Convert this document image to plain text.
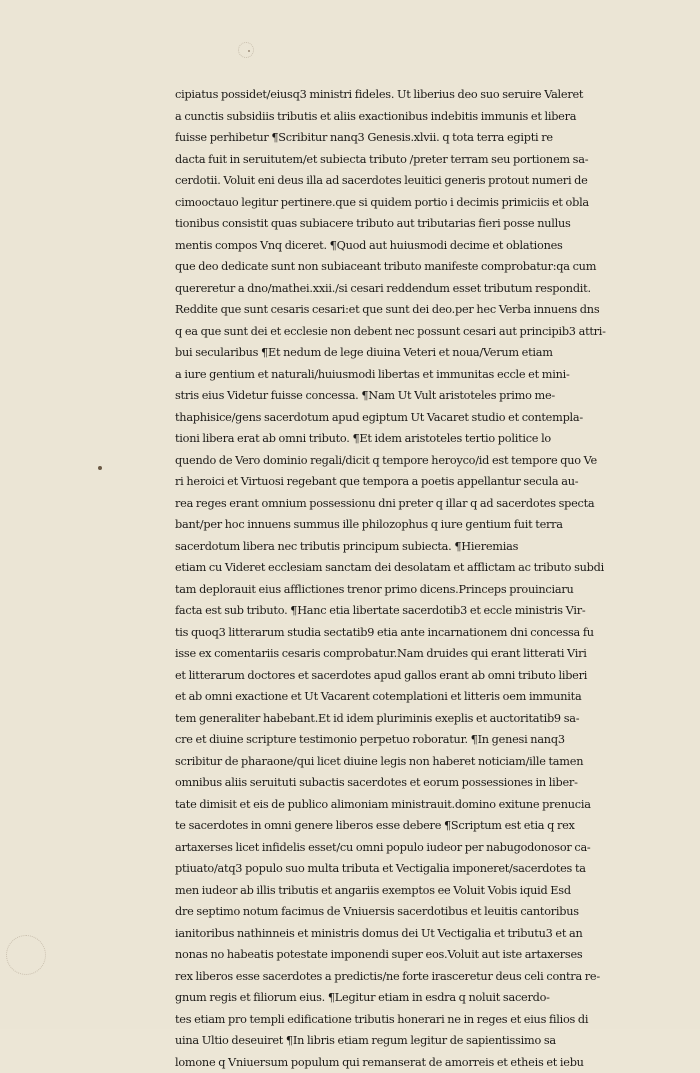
cipiatus possidet/eiusq3 ministri fideles. Ut liberius deo suo seruire Valeret
a cunctis subsidiis tributis et aliis exactionibus indebitis immunis et libera
fuisse perhibetur ¶Scribitur nanq3 Genesis.xlvii. q tota terra egipti re
dacta fuit in seruitutem/et subiecta tributo /preter terram seu portionem sa-
cerdotii. Voluit eni deus illa ad sacerdotes leuitici generis protout numeri de
cimooctauo legitur pertinere.que si quidem portio i decimis primiciis et obla
tionibus consistit quas subiacere tributo aut tributarias fieri posse nullus
mentis compos Vnq diceret. ¶Quod aut huiusmodi decime et oblationes
que deo dedicate sunt non subiaceant tributo manifeste comprobatur:qa cum
quereretur a dno/mathei.xxii./si cesari reddendum esset tributum respondit.
Reddite que sunt cesaris cesari:et que sunt dei deo.per hec Verba innuens dns
q ea que sunt dei et ecclesie non debent nec possunt cesari aut principib3 attri-
bui secularibus ¶Et nedum de lege diuina Veteri et noua/Verum etiam
a iure gentium et naturali/huiusmodi libertas et immunitas eccle et mini-
stris eius Videtur fuisse concessa. ¶Nam Ut Vult aristoteles primo me-
thaphisice/gens sacerdotum apud egiptum Ut Vacaret studio et contempla-
tioni libera erat ab omni tributo. ¶Et idem aristoteles tertio politice lo
quendo de Vero dominio regali/dicit q tempore heroyco/id est tempore quo Ve
ri heroici et Virtuosi regebant que tempora a poetis appellantur secula au-
rea reges erant omnium possessionu dni preter q illar q ad sacerdotes specta
bant/per hoc innuens summus ille philozophus q iure gentium fuit terra
sacerdotum libera nec tributis principum subiecta. ¶Hieremias
etiam cu Videret ecclesiam sanctam dei desolatam et afflictam ac tributo subdi
tam deplorauit eius afflictiones trenor primo dicens.Princeps prouinciaru
facta est sub tributo. ¶Hanc etia libertate sacerdotib3 et eccle ministris Vir-
tis quoq3 litterarum studia sectatib9 etia ante incarnationem dni concessa fu
isse ex comentariis cesaris comprobatur.Nam druides qui erant litterati Viri
et litterarum doctores et sacerdotes apud gallos erant ab omni tributo liberi
et ab omni exactione et Ut Vacarent cotemplationi et litteris oem immunita
tem generaliter habebant.Et id idem pluriminis exeplis et auctoritatib9 sa-
cre et diuine scripture testimonio perpetuo roboratur. ¶In genesi nanq3
scribitur de pharaone/qui licet diuine legis non haberet noticiam/ille tamen
omnibus aliis seruituti subactis sacerdotes et eorum possessiones in liber-
tate dimisit et eis de publico alimoniam ministrauit.domino exitune prenucia
te sacerdotes in omni genere liberos esse debere ¶Scriptum est etia q rex
artaxerses licet infidelis esset/cu omni populo iudeor per nabugodonosor ca-
ptiuato/atq3 populo suo multa tributa et Vectigalia imponeret/sacerdotes ta
men iudeor ab illis tributis et angariis exemptos ee Voluit Vobis iquid Esd
dre septimo notum facimus de Vniuersis sacerdotibus et leuitis cantoribus
ianitoribus nathinneis et ministris domus dei Ut Vectigalia et tributu3 et an
nonas no habeatis potestate imponendi super eos.Voluit aut iste artaxerses
rex liberos esse sacerdotes a predictis/ne forte irasceretur deus celi contra re-
gnum regis et filiorum eius. ¶Legitur etiam in esdra q noluit sacerdo-
tes etiam pro templi edificatione tributis honerari ne in reges et eius filios di
uina Ultio deseuiret ¶In libris etiam regum legitur de sapientissimo sa
lomone q Vniuersum populum qui remanserat de amorreis et etheis et iebu
